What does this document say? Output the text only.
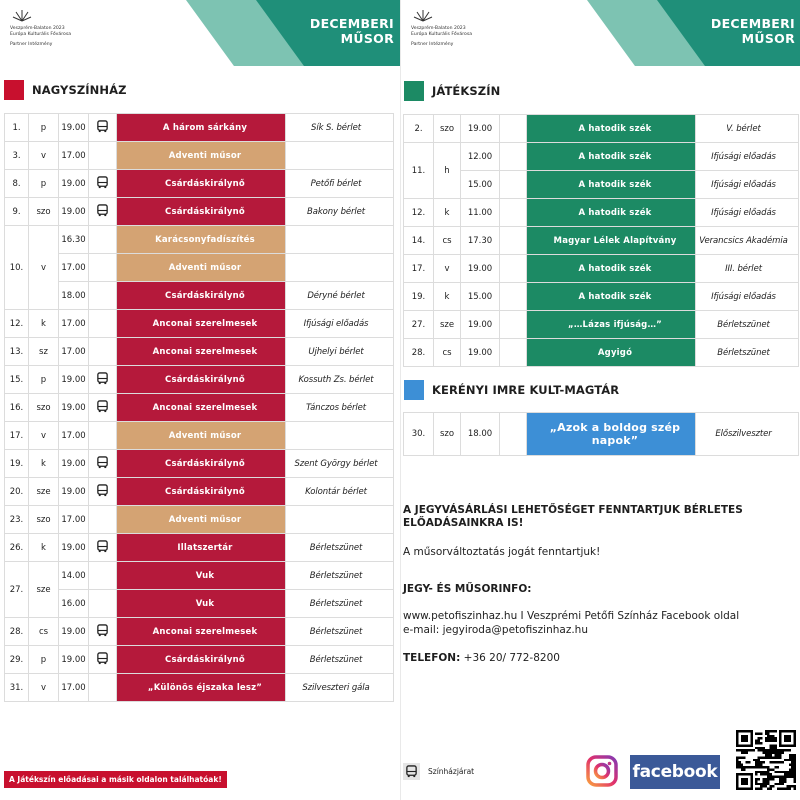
Veszprém-Balaton 2023
Európa Kulturális Fővárosa
Partner Intézmény
DECEMBERI
MŰSOR
NAGYSZÍNHÁZ
1.	p	19.00		A három sárkány	Sík S. bérlet
3.	v	17.00		Adventi műsor	
8.	p	19.00		Csárdáskirálynő	Petőfi bérlet
9.	szo	19.00		Csárdáskirálynő	Bakony bérlet
10.	v	16.30		Karácsonyfadíszítés	
		17.00		Adventi műsor	
		18.00		Csárdáskirálynő	Déryné bérlet
12.	k	17.00		Anconai szerelmesek	Ifjúsági előadás
13.	sz	17.00		Anconai szerelmesek	Ujhelyi bérlet
15.	p	19.00		Csárdáskirálynő	Kossuth Zs. bérlet
16.	szo	19.00		Anconai szerelmesek	Tánczos bérlet
17.	v	17.00		Adventi műsor	
19.	k	19.00		Csárdáskirálynő	Szent György bérlet
20.	sze	19.00		Csárdáskirálynő	Kolontár bérlet
23.	szo	17.00		Adventi műsor	
26.	k	19.00		Illatszertár	Bérletszünet
27.	sze	14.00		Vuk	Bérletszünet
		16.00		Vuk	Bérletszünet
28.	cs	19.00		Anconai szerelmesek	Bérletszünet
29.	p	19.00		Csárdáskirálynő	Bérletszünet
31.	v	17.00		„Különös éjszaka lesz”	Szilveszteri gála
A Játékszín előadásai a másik oldalon találhatóak!
Veszprém-Balaton 2023
Európa Kulturális Fővárosa
Partner Intézmény
DECEMBERI
MŰSOR
JÁTÉKSZÍN
2.	szo	19.00		A hatodik szék	V. bérlet
11.	h	12.00		A hatodik szék	Ifjúsági előadás
		15.00		A hatodik szék	Ifjúsági előadás
12.	k	11.00		A hatodik szék	Ifjúsági előadás
14.	cs	17.30		Magyar Lélek Alapítvány	Verancsics Akadémia
17.	v	19.00		A hatodik szék	III. bérlet
19.	k	15.00		A hatodik szék	Ifjúsági előadás
27.	sze	19.00		„…Lázas ifjúság…”	Bérletszünet
28.	cs	19.00		Agyigó	Bérletszünet
KERÉNYI IMRE KULT-MAGTÁR
30.	szo	18.00		„Azok a boldog szép napok”	Előszilveszter
A JEGYVÁSÁRLÁSI LEHETŐSÉGET FENNTARTJUK BÉRLETES
ELŐADÁSAINKRA IS!
A műsorváltoztatás jogát fenntartjuk!
JEGY- ÉS MŰSORINFO:
www.petofiszinhaz.hu I Veszprémi Petőfi Színház Facebook oldal
e-mail: jegyiroda@petofiszinhaz.hu
TELEFON: +36 20/ 772-8200
Színházjárat	facebook
